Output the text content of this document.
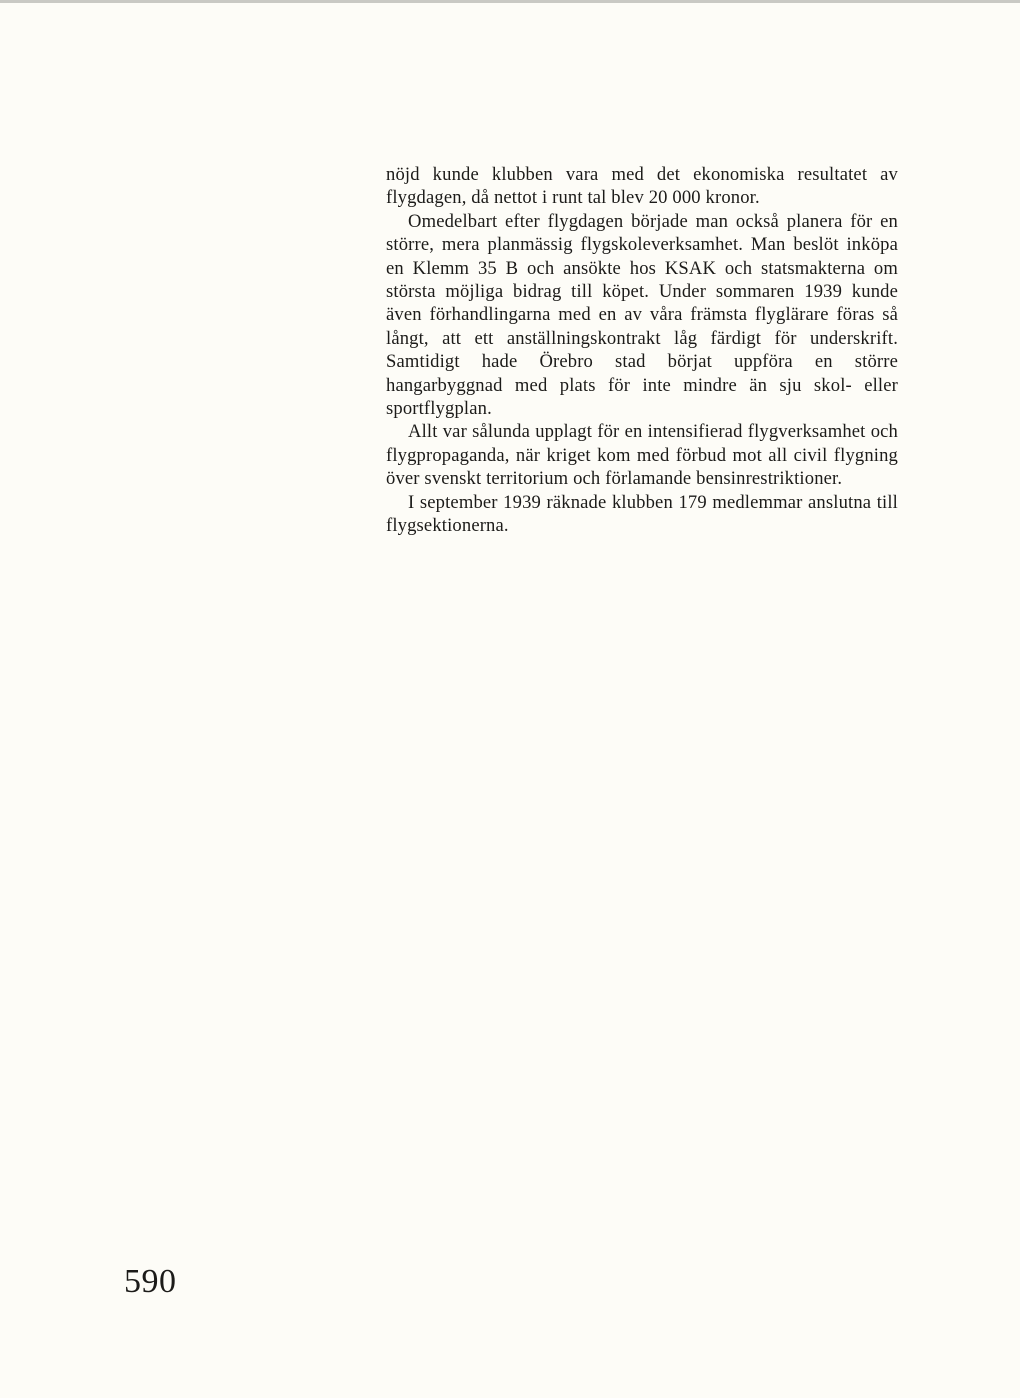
nöjd kunde klubben vara med det ekonomiska resultatet av flygdagen, då nettot i runt tal blev 20 000 kronor.

Omedelbart efter flygdagen började man också planera för en större, mera planmässig flygskoleverksamhet. Man beslöt inköpa en Klemm 35 B och ansökte hos KSAK och statsmakterna om största möjliga bidrag till köpet. Under sommaren 1939 kunde även förhandlingarna med en av våra främsta flyglärare föras så långt, att ett anställningskontrakt låg färdigt för underskrift. Samtidigt hade Örebro stad börjat uppföra en större hangarbyggnad med plats för inte mindre än sju skol- eller sportflygplan.

Allt var sålunda upplagt för en intensifierad flygverksamhet och flygpropaganda, när kriget kom med förbud mot all civil flygning över svenskt territorium och förlamande bensinrestriktioner.

I september 1939 räknade klubben 179 medlemmar anslutna till flygsektionerna.

590
